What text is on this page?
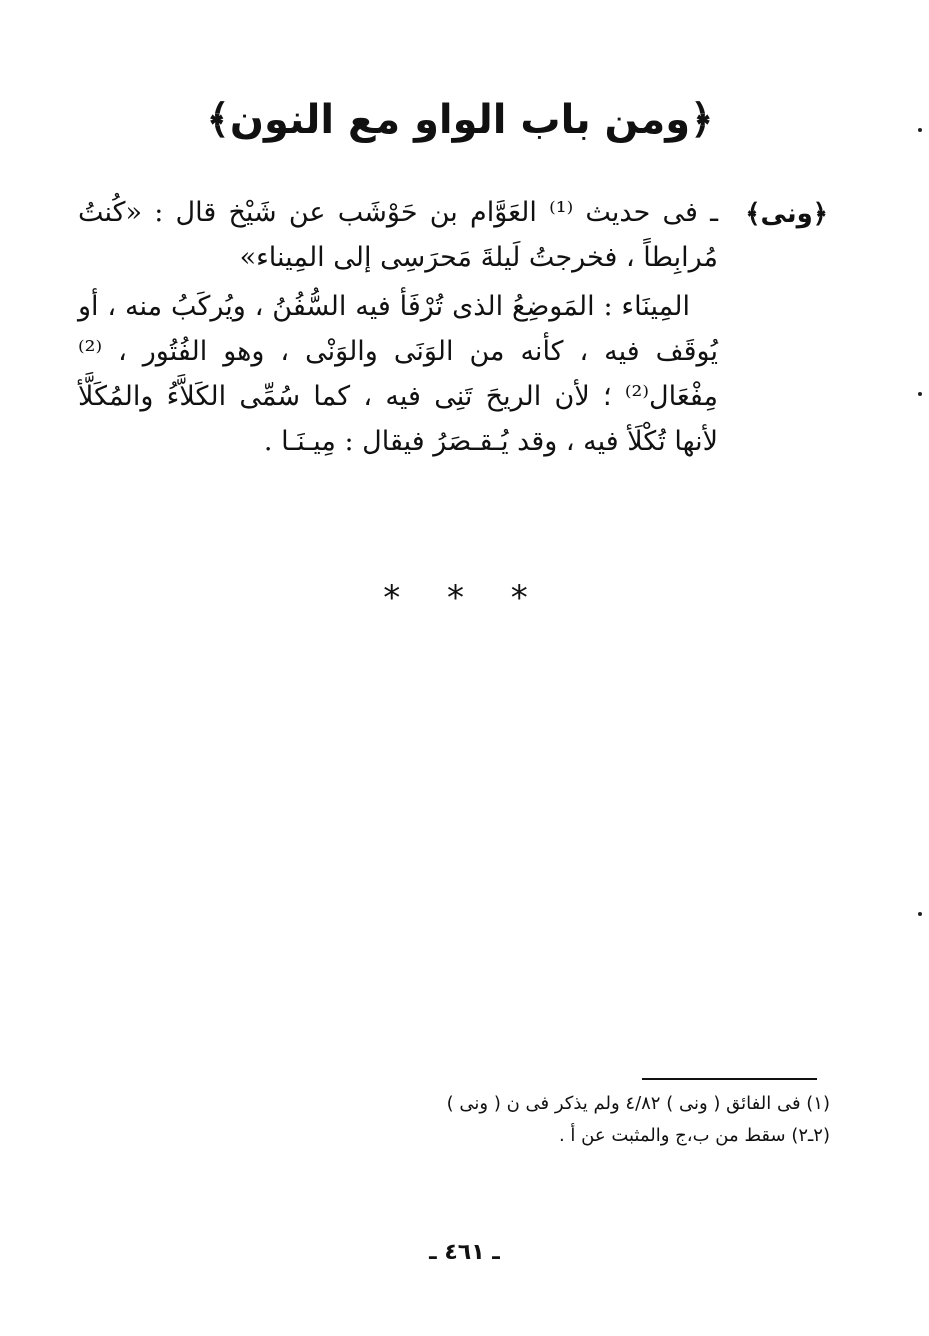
﴿ومن باب الواو مع النون﴾
﴿ونى﴾

ـ فى حديث ⁽¹⁾ العَوَّام بن حَوْشَب عن شَيْخ قال : «كُنتُ مُرابِطاً ، فخرجتُ لَيلةَ مَحرَسِى إلى المِيناء»

المِينَاء : المَوضِعُ الذى تُرْفَأ فيه السُّفُنُ ، ويُركَبُ منه ، أو يُوقَف فيه ، كأنه من الوَنَى والوَنْى ، وهو الفُتُور ، ⁽²⁾ مِفْعَال⁽²⁾ ؛ لأن الريحَ تَنِى فيه ، كما سُمِّى الكَلاَّءُ والمُكَلَّأ لأنها تُكْلَأ فيه ، وقد يُـقـصَرُ فيقال : مِيـنَـا .

* * *

(١) فى الفائق ( ونى ) ٤/٨٢ ولم يذكر فى ن ( ونى )

(٢ـ٢) سقط من ب،ج والمثبت عن أ .

ـ ٤٦١ ـ
